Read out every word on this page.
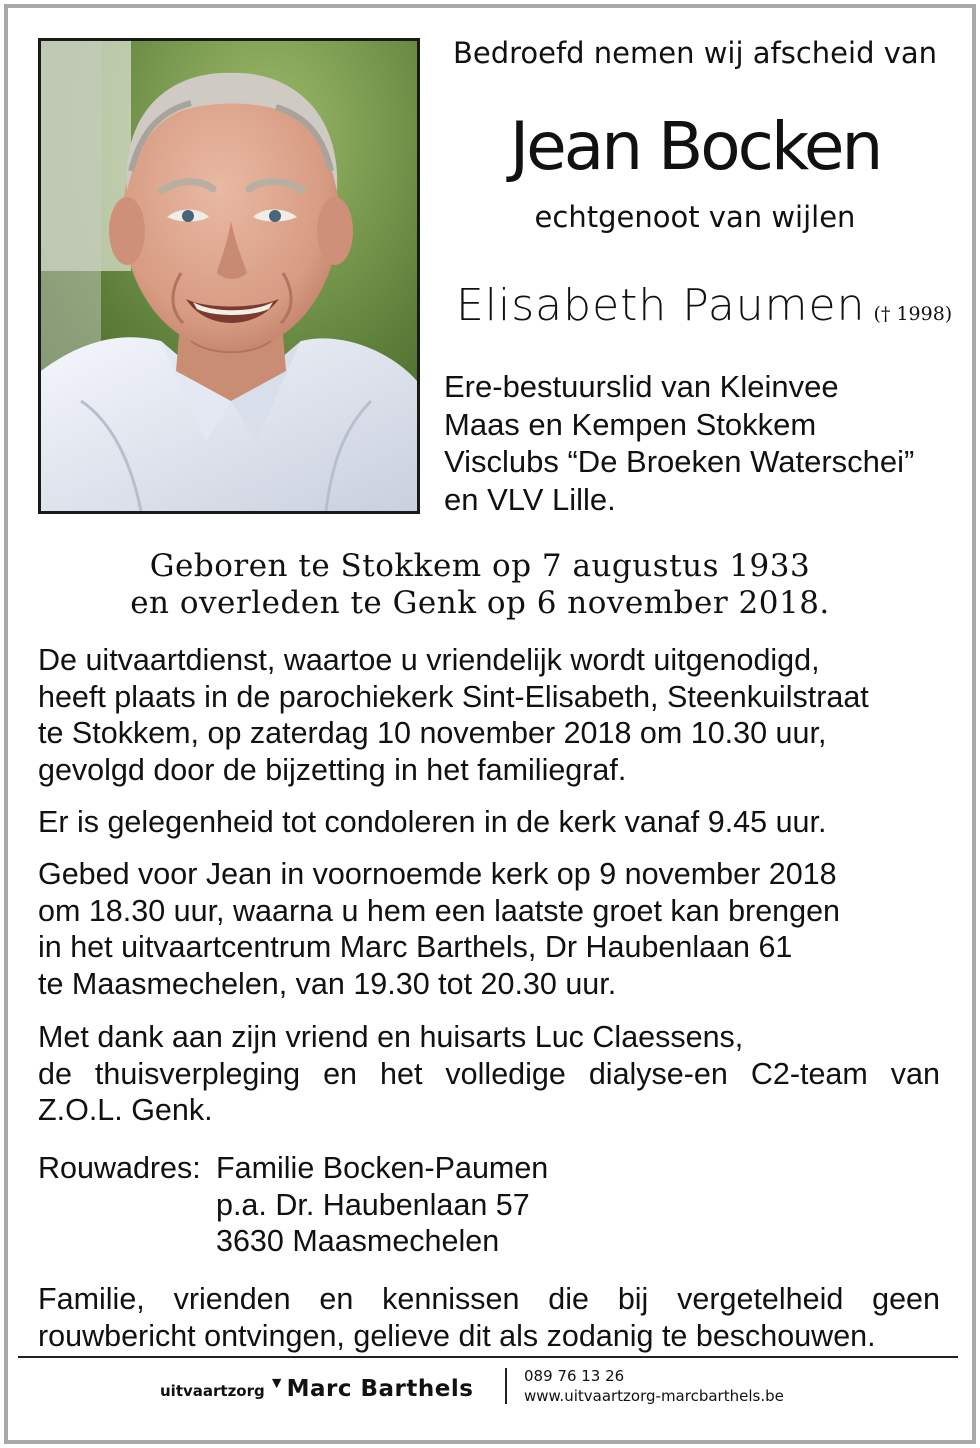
Bedroefd nemen wij afscheid van
Jean Bocken
echtgenoot van wijlen
Elisabeth Paumen († 1998)
Ere-bestuurslid van Kleinvee
Maas en Kempen Stokkem
Visclubs “De Broeken Waterschei”
en VLV Lille.
Geboren te Stokkem op 7 augustus 1933
en overleden te Genk op 6 november 2018.
De uitvaartdienst, waartoe u vriendelijk wordt uitgenodigd,
heeft plaats in de parochiekerk Sint-Elisabeth, Steenkuilstraat
te Stokkem, op zaterdag 10 november 2018 om 10.30 uur,
gevolgd door de bijzetting in het familiegraf.
Er is gelegenheid tot condoleren in de kerk vanaf 9.45 uur.
Gebed voor Jean in voornoemde kerk op 9 november 2018
om 18.30 uur, waarna u hem een laatste groet kan brengen
in het uitvaartcentrum Marc Barthels, Dr Haubenlaan 61
te Maasmechelen, van 19.30 tot 20.30 uur.
Met dank aan zijn vriend en huisarts Luc Claessens,
de thuisverpleging en het volledige dialyse-en C2-team van
Z.O.L. Genk.
Rouwadres: Familie Bocken-Paumen
p.a. Dr. Haubenlaan 57
3630 Maasmechelen
Familie, vrienden en kennissen die bij vergetelheid geen
rouwbericht ontvingen, gelieve dit als zodanig te beschouwen.
uitvaartzorg ▼ Marc Barthels	089 76 13 26
www.uitvaartzorg-marcbarthels.be
